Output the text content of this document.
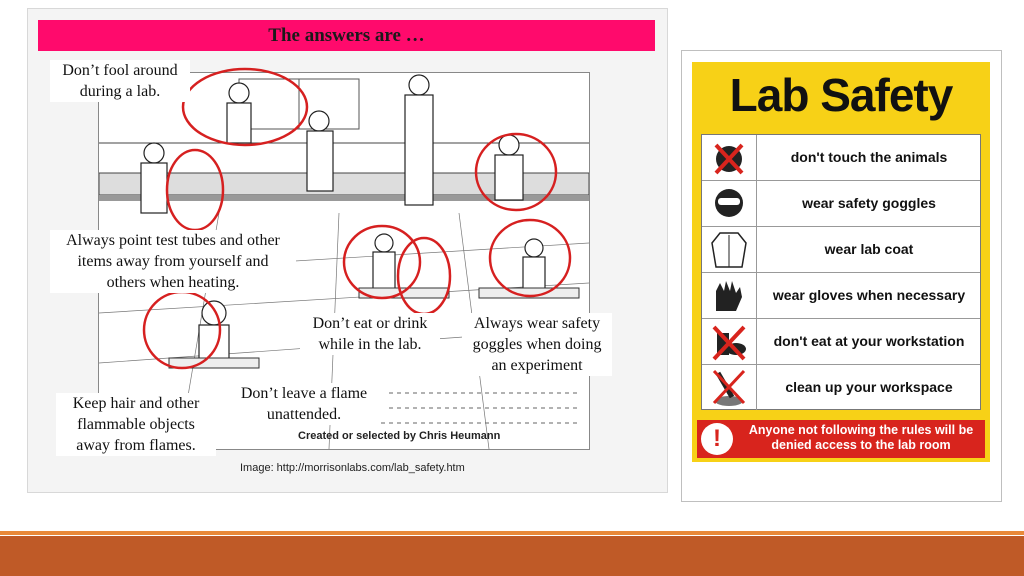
The answers are …
Don’t fool around
during a lab.
Always point test tubes and other
items away from yourself and
others when heating.
Don’t eat or drink
while in the lab.
Always wear safety
goggles when doing
an experiment
Don’t leave a flame
unattended.
Keep hair and other
flammable objects
away from flames.
Created or selected by Chris Heumann
Image: http://morrisonlabs.com/lab_safety.htm
Lab Safety
don't touch the animals
wear safety goggles
wear lab coat
wear gloves when necessary
don't eat at your workstation
clean up your workspace
!	Anyone not following the rules will be denied access to the lab room
